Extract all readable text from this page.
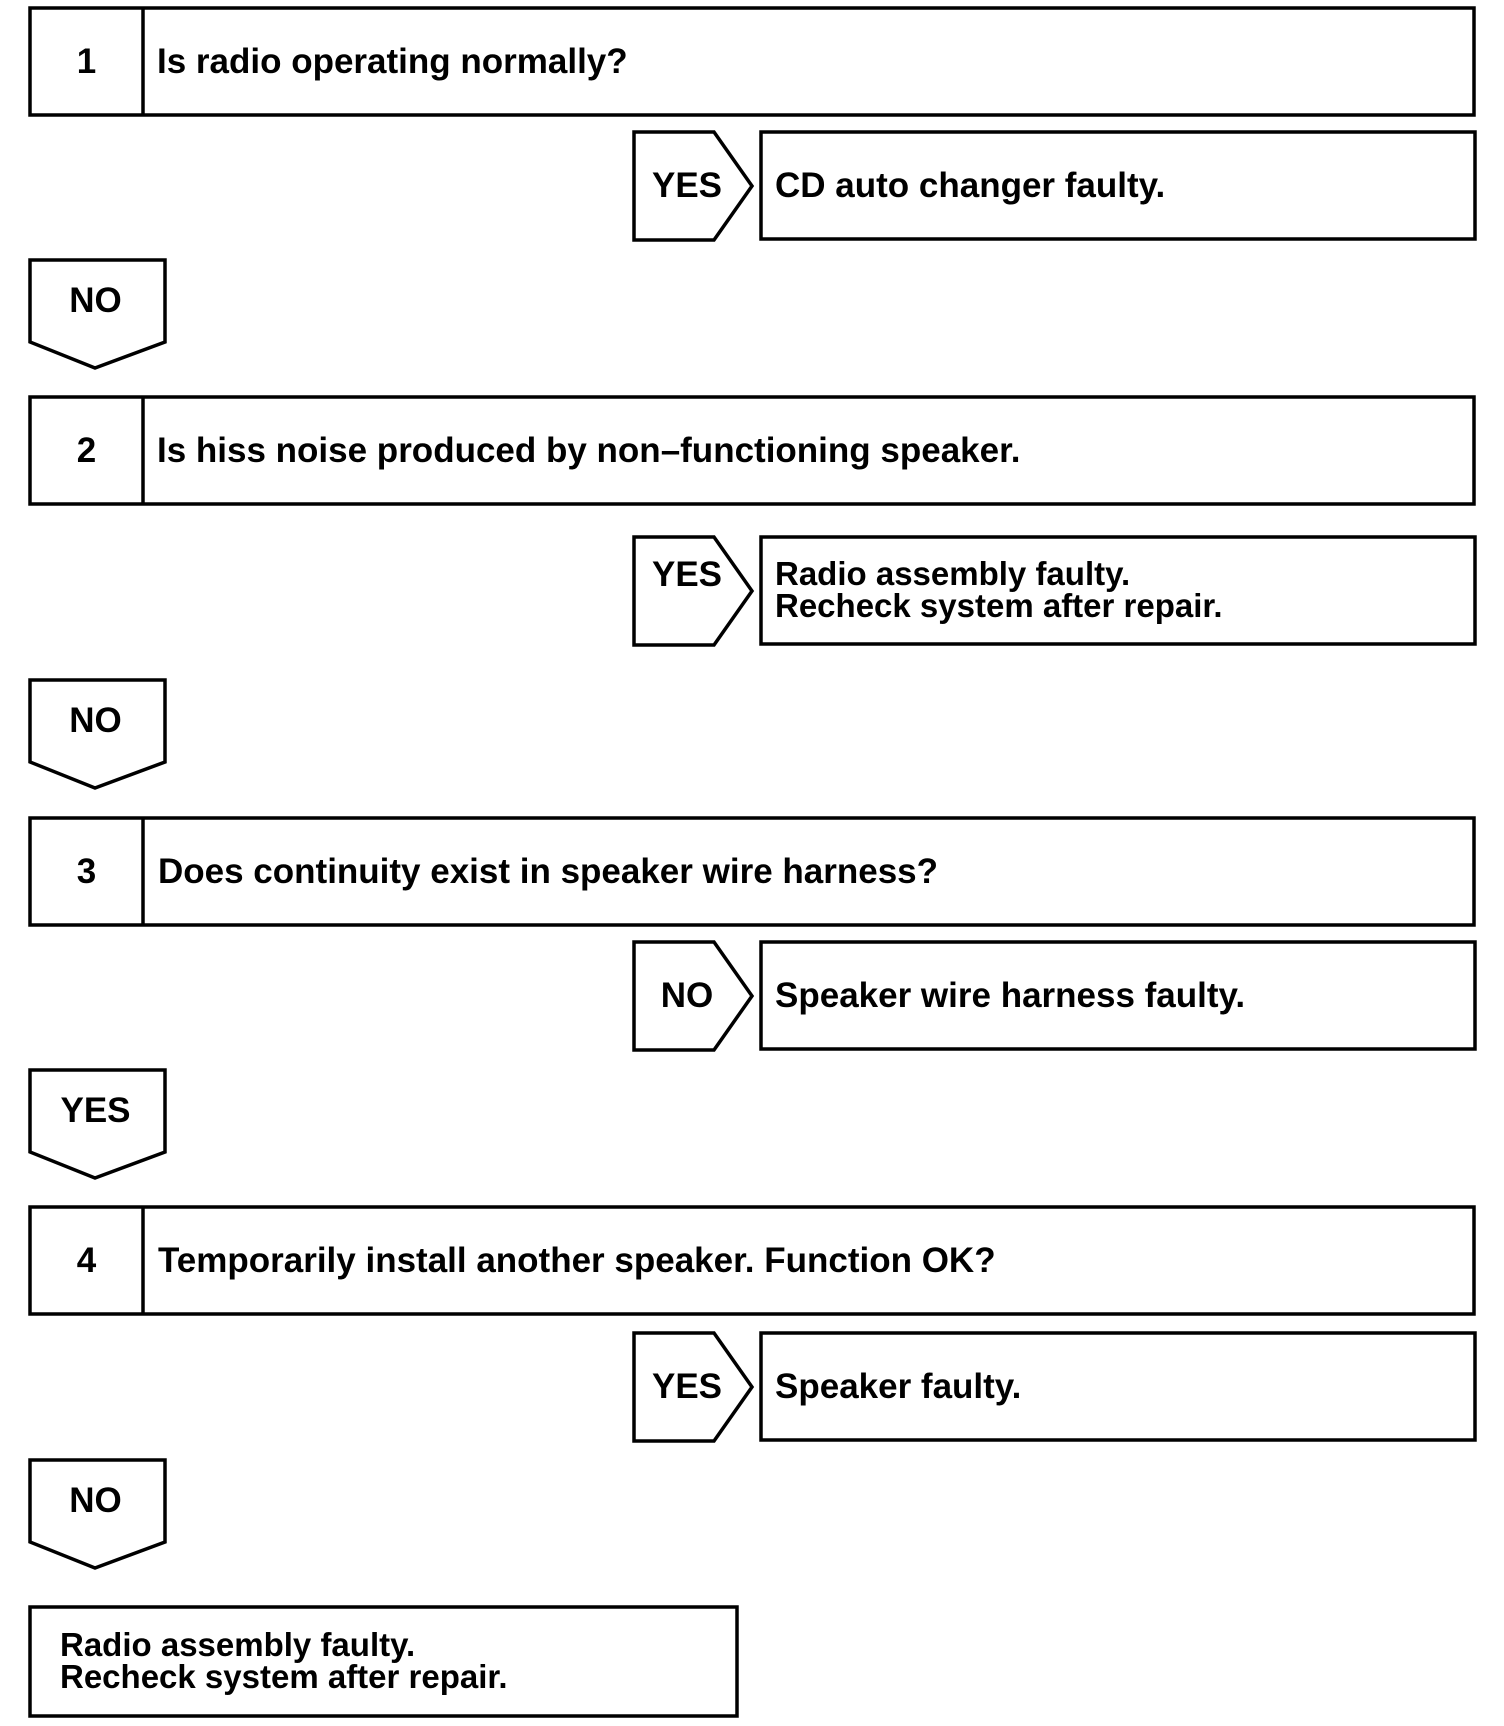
1	Is radio operating normally?
YES	CD auto changer faulty.
NO
2	Is hiss noise produced by non–functioning speaker.
YES	Radio assembly faulty.
Recheck system after repair.
NO
3	Does continuity exist in speaker wire harness?
NO	Speaker wire harness faulty.
YES
4	Temporarily install another speaker. Function OK?
YES	Speaker faulty.
NO
Radio assembly faulty.
Recheck system after repair.
